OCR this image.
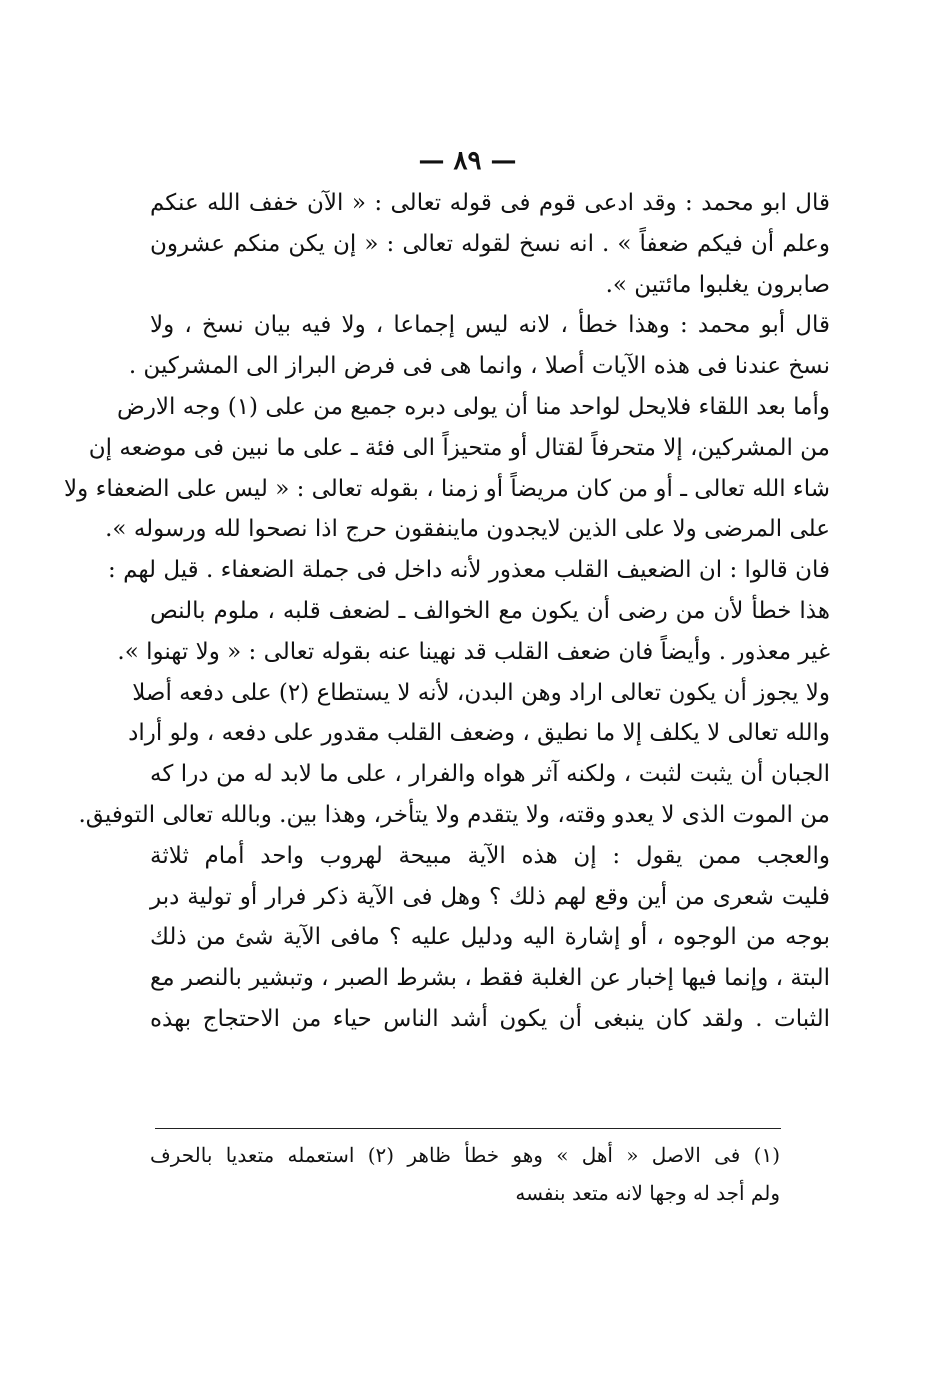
— ٨٩ —
قال ابو محمد : وقد ادعى قوم فى قوله تعالى : « الآن خفف الله عنكم
وعلم أن فيكم ضعفاً » . انه نسخ لقوله تعالى : « إن يكن منكم عشرون
صابرون يغلبوا مائتين ».
قال أبو محمد : وهذا خطأ ، لانه ليس إجماعا ، ولا فيه بيان نسخ ، ولا
نسخ عندنا فى هذه الآيات أصلا ، وانما هى فى فرض البراز الى المشركين .
وأما بعد اللقاء فلايحل لواحد منا أن يولى دبره جميع من على (١) وجه الارض
من المشركين، إلا متحرفاً لقتال أو متحيزاً الى فئة ـ على ما نبين فى موضعه إن
شاء الله تعالى ـ أو من كان مريضاً أو زمنا ، بقوله تعالى : « ليس على الضعفاء ولا
على المرضى ولا على الذين لايجدون ماينفقون حرج اذا نصحوا لله ورسوله ».
فان قالوا : ان الضعيف القلب معذور لأنه داخل فى جملة الضعفاء . قيل لهم :
هذا خطأ لأن من رضى أن يكون مع الخوالف ـ لضعف قلبه ، ملوم بالنص
غير معذور . وأيضاً فان ضعف القلب قد نهينا عنه بقوله تعالى : « ولا تهنوا ».
ولا يجوز أن يكون تعالى اراد وهن البدن، لأنه لا يستطاع (٢) على دفعه أصلا
والله تعالى لا يكلف إلا ما نطيق ، وضعف القلب مقدور على دفعه ، ولو أراد
الجبان أن يثبت لثبت ، ولكنه آثر هواه والفرار ، على ما لابد له من درا كه
من الموت الذى لا يعدو وقته، ولا يتقدم ولا يتأخر، وهذا بين. وبالله تعالى التوفيق.
والعجب ممن يقول : إن هذه الآية مبيحة لهروب واحد أمام ثلاثة
فليت شعرى من أين وقع لهم ذلك ؟ وهل فى الآية ذكر فرار أو تولية دبر
بوجه من الوجوه ، أو إشارة اليه ودليل عليه ؟ مافى الآية شئ من ذلك
البتة ، وإنما فيها إخبار عن الغلبة فقط ، بشرط الصبر ، وتبشير بالنصر مع
الثبات . ولقد كان ينبغى أن يكون أشد الناس حياء من الاحتجاج بهذه
(١) فى الاصل « أهل » وهو خطأ ظاهر (٢) استعمله متعديا بالحرف
ولم أجد له وجها لانه متعد بنفسه
